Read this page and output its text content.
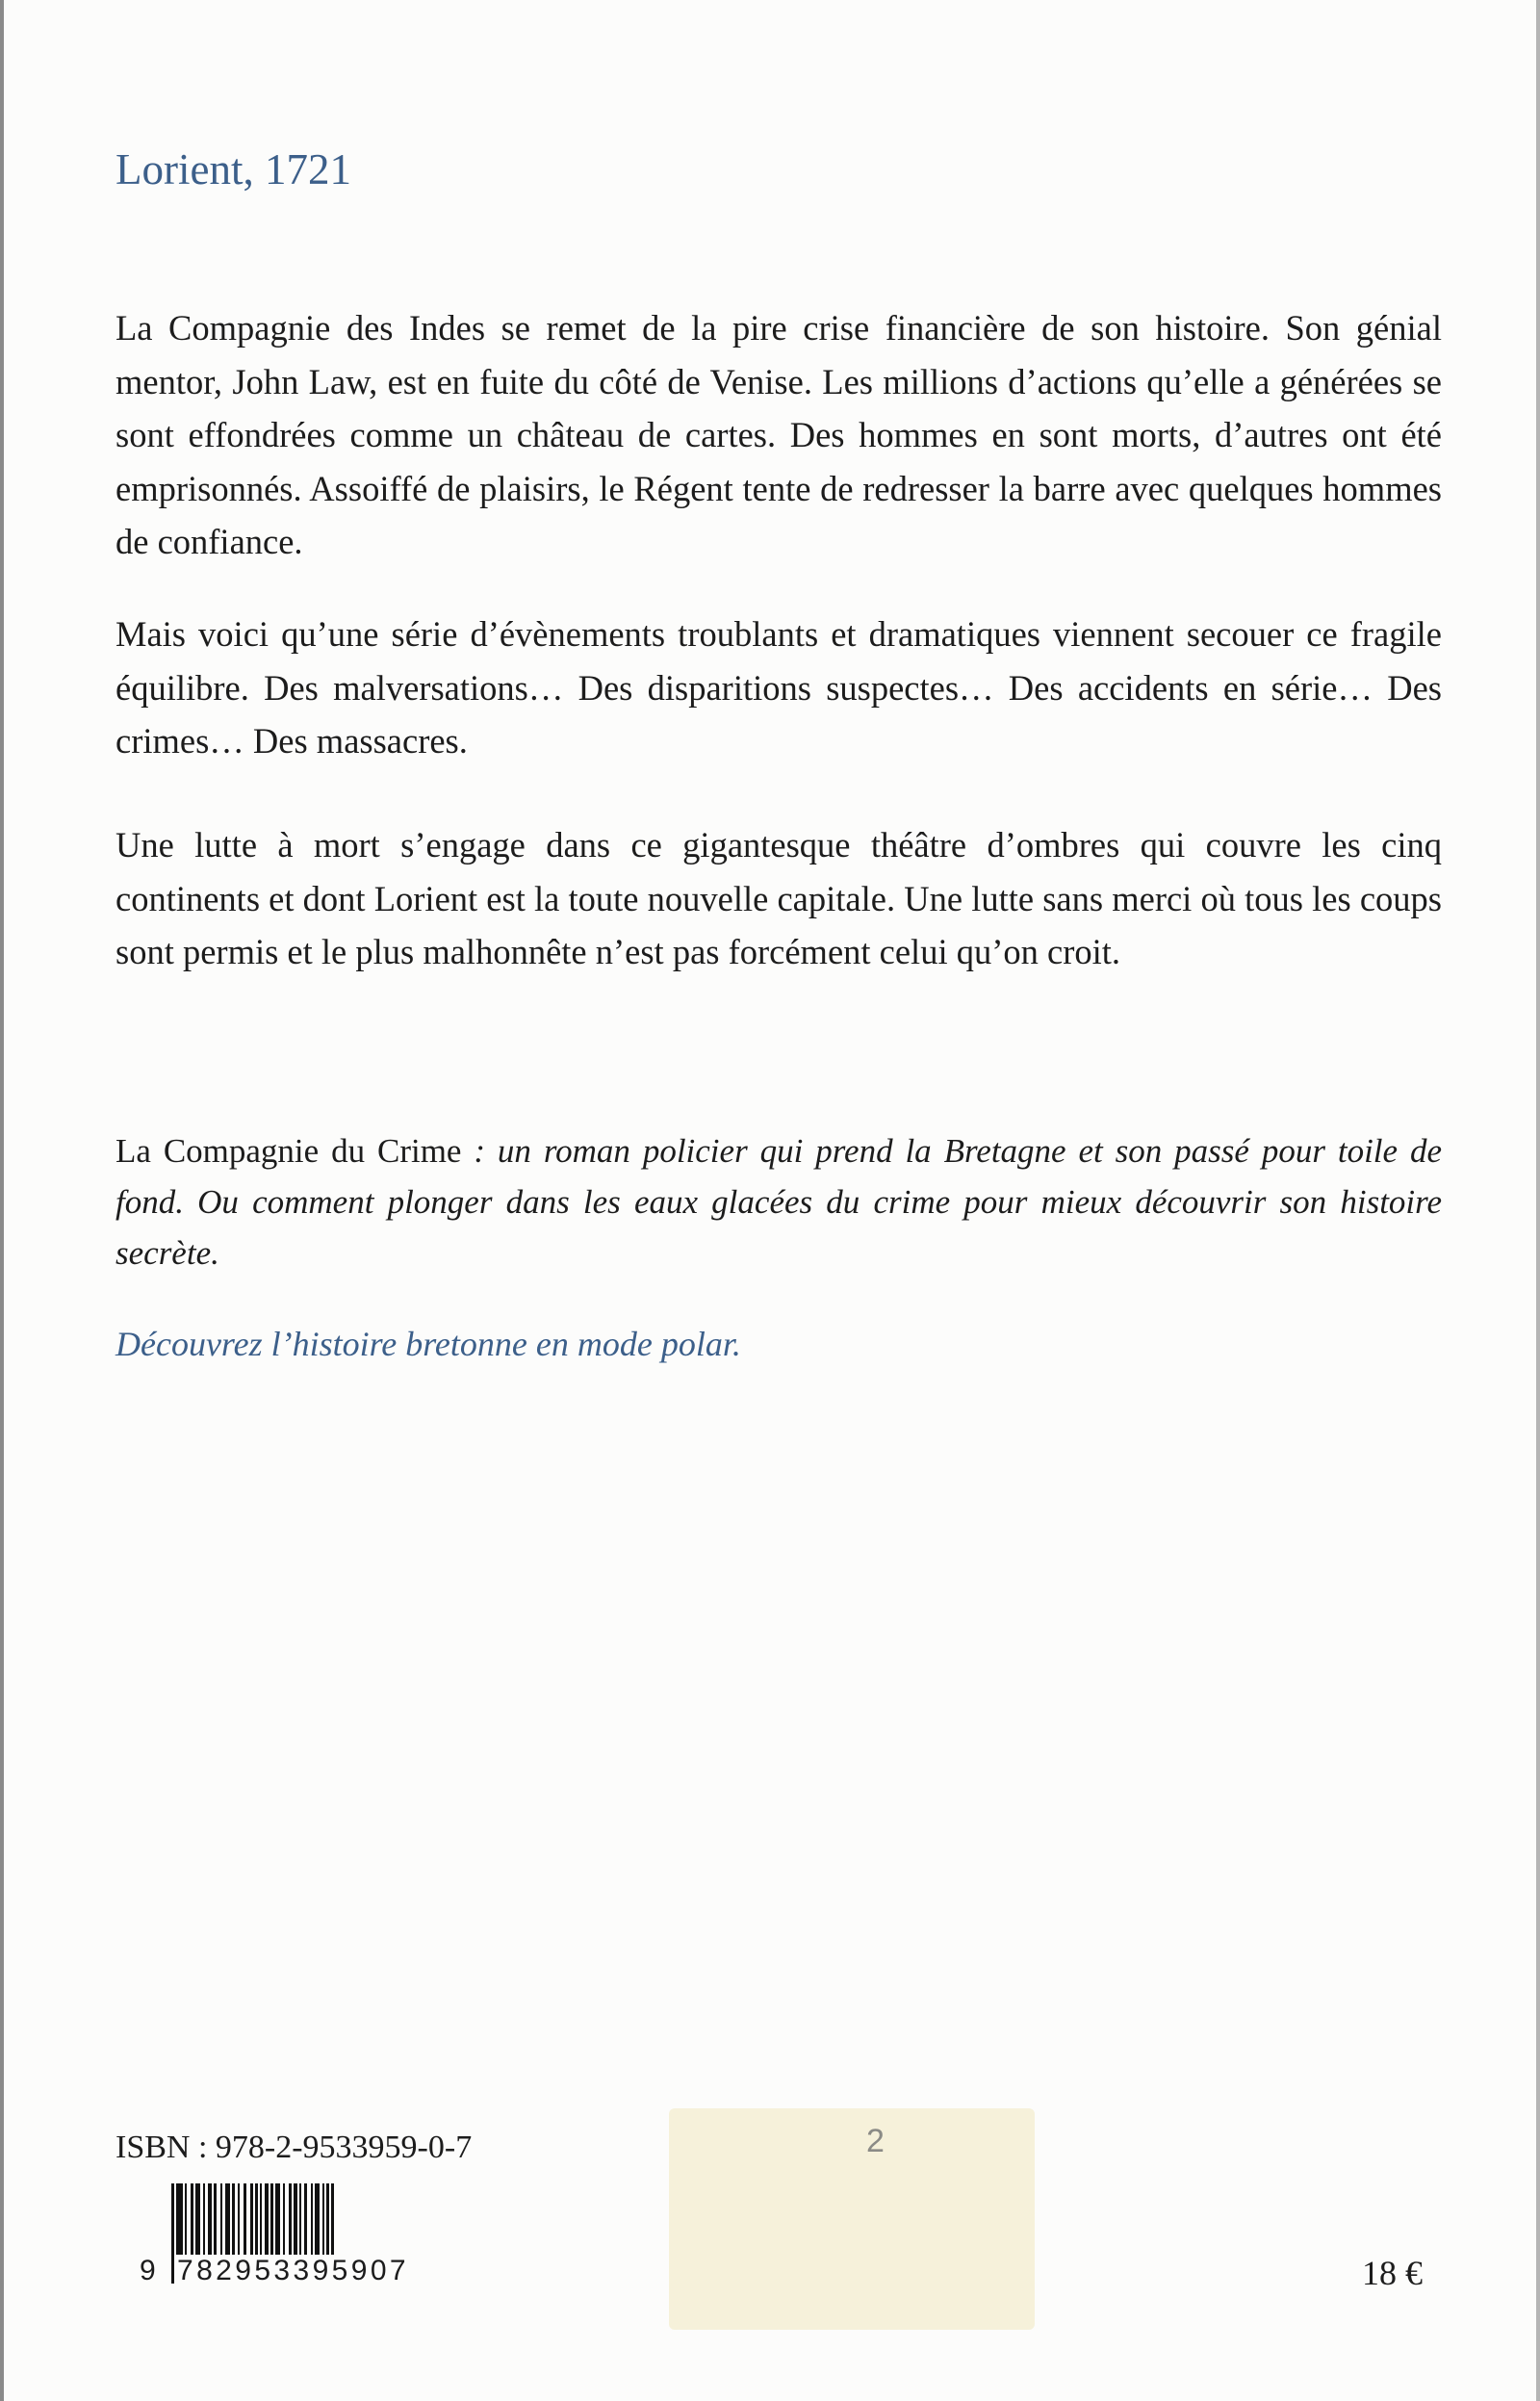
Lorient, 1721

La Compagnie des Indes se remet de la pire crise financière de son histoire. Son génial mentor, John Law, est en fuite du côté de Venise. Les millions d’actions qu’elle a générées se sont effondrées comme un château de cartes. Des hommes en sont morts, d’autres ont été emprisonnés. Assoiffé de plaisirs, le Régent tente de redresser la barre avec quelques hommes de confiance.

Mais voici qu’une série d’évènements troublants et dramatiques viennent secouer ce fragile équilibre. Des malversations… Des disparitions suspectes… Des accidents en série… Des crimes… Des massacres.

Une lutte à mort s’engage dans ce gigantesque théâtre d’ombres qui couvre les cinq continents et dont Lorient est la toute nouvelle capitale. Une lutte sans merci où tous les coups sont permis et le plus malhonnête n’est pas forcément celui qu’on croit.

La Compagnie du Crime : un roman policier qui prend la Bretagne et son passé pour toile de fond. Ou comment plonger dans les eaux glacées du crime pour mieux découvrir son histoire secrète.

Découvrez l’histoire bretonne en mode polar.

2

ISBN : 978-2-9533959-0-7

9 782953395907	18 €
